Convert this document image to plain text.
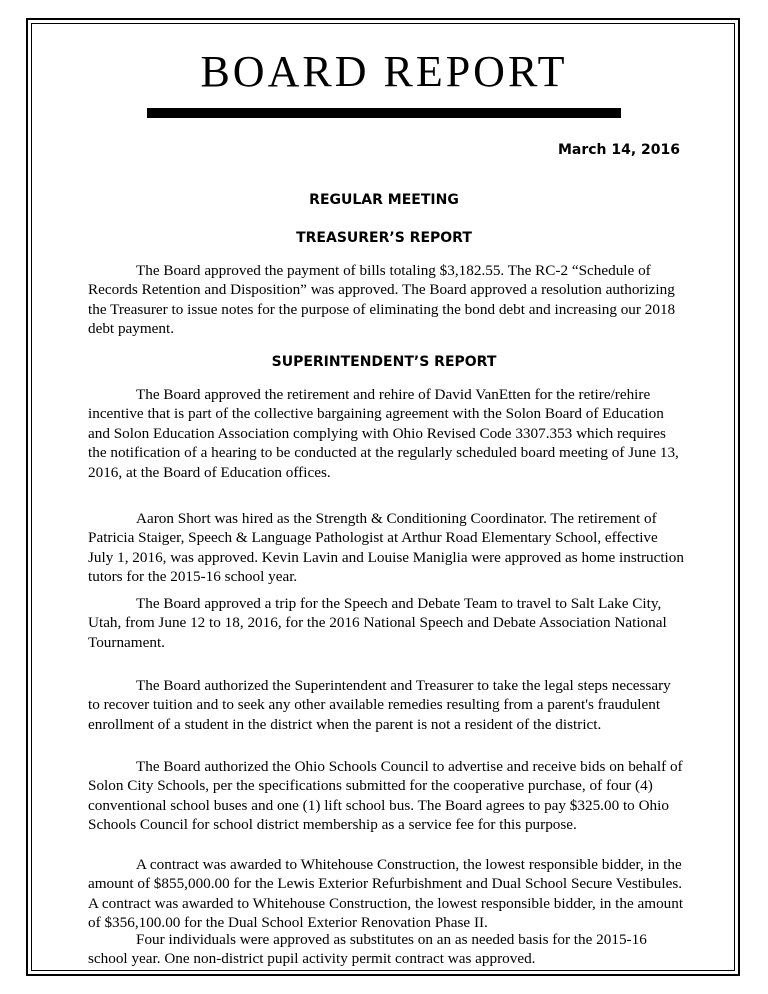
BOARD REPORT
March 14, 2016
REGULAR MEETING
TREASURER’S REPORT

The Board approved the payment of bills totaling $3,182.55. The RC-2 “Schedule of Records Retention and Disposition” was approved. The Board approved a resolution authorizing the Treasurer to issue notes for the purpose of eliminating the bond debt and increasing our 2018 debt payment.

SUPERINTENDENT’S REPORT

The Board approved the retirement and rehire of David VanEtten for the retire/rehire incentive that is part of the collective bargaining agreement with the Solon Board of Education and Solon Education Association complying with Ohio Revised Code 3307.353 which requires the notification of a hearing to be conducted at the regularly scheduled board meeting of June 13, 2016, at the Board of Education offices.

Aaron Short was hired as the Strength & Conditioning Coordinator. The retirement of Patricia Staiger, Speech & Language Pathologist at Arthur Road Elementary School, effective July 1, 2016, was approved. Kevin Lavin and Louise Maniglia were approved as home instruction tutors for the 2015-16 school year.

The Board approved a trip for the Speech and Debate Team to travel to Salt Lake City, Utah, from June 12 to 18, 2016, for the 2016 National Speech and Debate Association National Tournament.

The Board authorized the Superintendent and Treasurer to take the legal steps necessary to recover tuition and to seek any other available remedies resulting from a parent's fraudulent enrollment of a student in the district when the parent is not a resident of the district.

The Board authorized the Ohio Schools Council to advertise and receive bids on behalf of Solon City Schools, per the specifications submitted for the cooperative purchase, of four (4) conventional school buses and one (1) lift school bus. The Board agrees to pay $325.00 to Ohio Schools Council for school district membership as a service fee for this purpose.

A contract was awarded to Whitehouse Construction, the lowest responsible bidder, in the amount of $855,000.00 for the Lewis Exterior Refurbishment and Dual School Secure Vestibules. A contract was awarded to Whitehouse Construction, the lowest responsible bidder, in the amount of $356,100.00 for the Dual School Exterior Renovation Phase II.

Four individuals were approved as substitutes on an as needed basis for the 2015-16 school year. One non-district pupil activity permit contract was approved.
